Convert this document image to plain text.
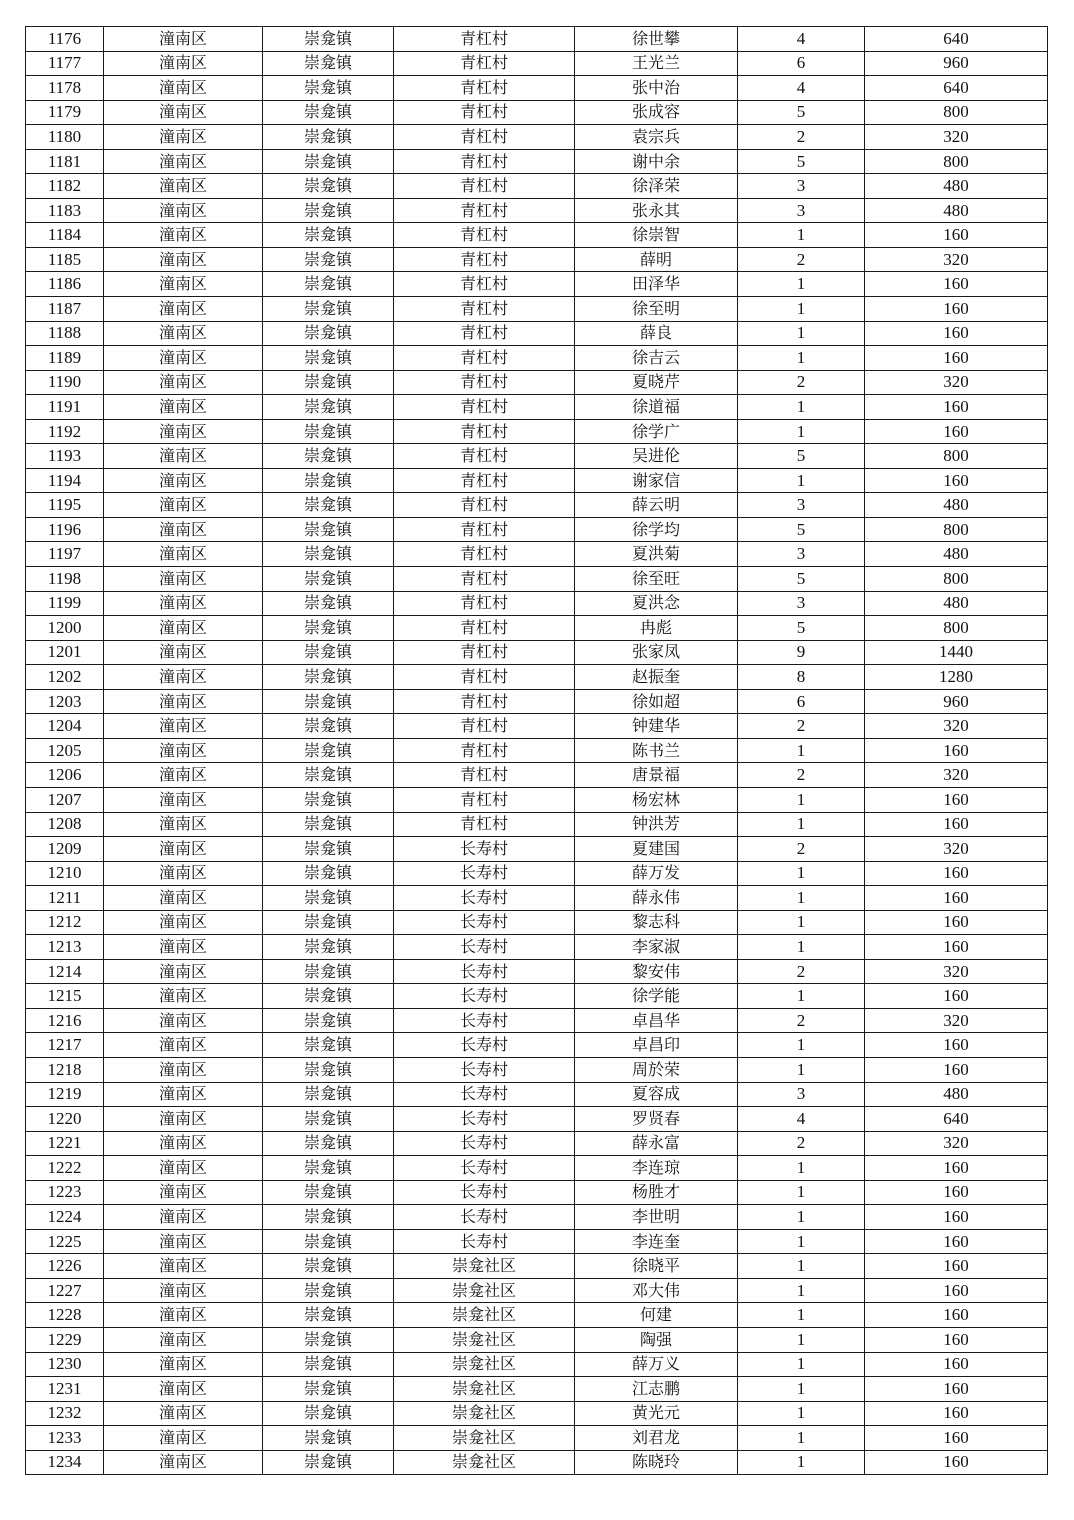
1176	潼南区	崇龛镇	青杠村	徐世攀	4	640
1177	潼南区	崇龛镇	青杠村	王光兰	6	960
1178	潼南区	崇龛镇	青杠村	张中治	4	640
1179	潼南区	崇龛镇	青杠村	张成容	5	800
1180	潼南区	崇龛镇	青杠村	袁宗兵	2	320
1181	潼南区	崇龛镇	青杠村	谢中余	5	800
1182	潼南区	崇龛镇	青杠村	徐泽荣	3	480
1183	潼南区	崇龛镇	青杠村	张永其	3	480
1184	潼南区	崇龛镇	青杠村	徐崇智	1	160
1185	潼南区	崇龛镇	青杠村	薛明	2	320
1186	潼南区	崇龛镇	青杠村	田泽华	1	160
1187	潼南区	崇龛镇	青杠村	徐至明	1	160
1188	潼南区	崇龛镇	青杠村	薛良	1	160
1189	潼南区	崇龛镇	青杠村	徐吉云	1	160
1190	潼南区	崇龛镇	青杠村	夏晓芹	2	320
1191	潼南区	崇龛镇	青杠村	徐道福	1	160
1192	潼南区	崇龛镇	青杠村	徐学广	1	160
1193	潼南区	崇龛镇	青杠村	吴进伦	5	800
1194	潼南区	崇龛镇	青杠村	谢家信	1	160
1195	潼南区	崇龛镇	青杠村	薛云明	3	480
1196	潼南区	崇龛镇	青杠村	徐学均	5	800
1197	潼南区	崇龛镇	青杠村	夏洪菊	3	480
1198	潼南区	崇龛镇	青杠村	徐至旺	5	800
1199	潼南区	崇龛镇	青杠村	夏洪念	3	480
1200	潼南区	崇龛镇	青杠村	冉彪	5	800
1201	潼南区	崇龛镇	青杠村	张家凤	9	1440
1202	潼南区	崇龛镇	青杠村	赵振奎	8	1280
1203	潼南区	崇龛镇	青杠村	徐如超	6	960
1204	潼南区	崇龛镇	青杠村	钟建华	2	320
1205	潼南区	崇龛镇	青杠村	陈书兰	1	160
1206	潼南区	崇龛镇	青杠村	唐景福	2	320
1207	潼南区	崇龛镇	青杠村	杨宏林	1	160
1208	潼南区	崇龛镇	青杠村	钟洪芳	1	160
1209	潼南区	崇龛镇	长寿村	夏建国	2	320
1210	潼南区	崇龛镇	长寿村	薛万发	1	160
1211	潼南区	崇龛镇	长寿村	薛永伟	1	160
1212	潼南区	崇龛镇	长寿村	黎志科	1	160
1213	潼南区	崇龛镇	长寿村	李家淑	1	160
1214	潼南区	崇龛镇	长寿村	黎安伟	2	320
1215	潼南区	崇龛镇	长寿村	徐学能	1	160
1216	潼南区	崇龛镇	长寿村	卓昌华	2	320
1217	潼南区	崇龛镇	长寿村	卓昌印	1	160
1218	潼南区	崇龛镇	长寿村	周於荣	1	160
1219	潼南区	崇龛镇	长寿村	夏容成	3	480
1220	潼南区	崇龛镇	长寿村	罗贤春	4	640
1221	潼南区	崇龛镇	长寿村	薛永富	2	320
1222	潼南区	崇龛镇	长寿村	李连琼	1	160
1223	潼南区	崇龛镇	长寿村	杨胜才	1	160
1224	潼南区	崇龛镇	长寿村	李世明	1	160
1225	潼南区	崇龛镇	长寿村	李连奎	1	160
1226	潼南区	崇龛镇	崇龛社区	徐晓平	1	160
1227	潼南区	崇龛镇	崇龛社区	邓大伟	1	160
1228	潼南区	崇龛镇	崇龛社区	何建	1	160
1229	潼南区	崇龛镇	崇龛社区	陶强	1	160
1230	潼南区	崇龛镇	崇龛社区	薛万义	1	160
1231	潼南区	崇龛镇	崇龛社区	江志鹏	1	160
1232	潼南区	崇龛镇	崇龛社区	黄光元	1	160
1233	潼南区	崇龛镇	崇龛社区	刘君龙	1	160
1234	潼南区	崇龛镇	崇龛社区	陈晓玲	1	160
